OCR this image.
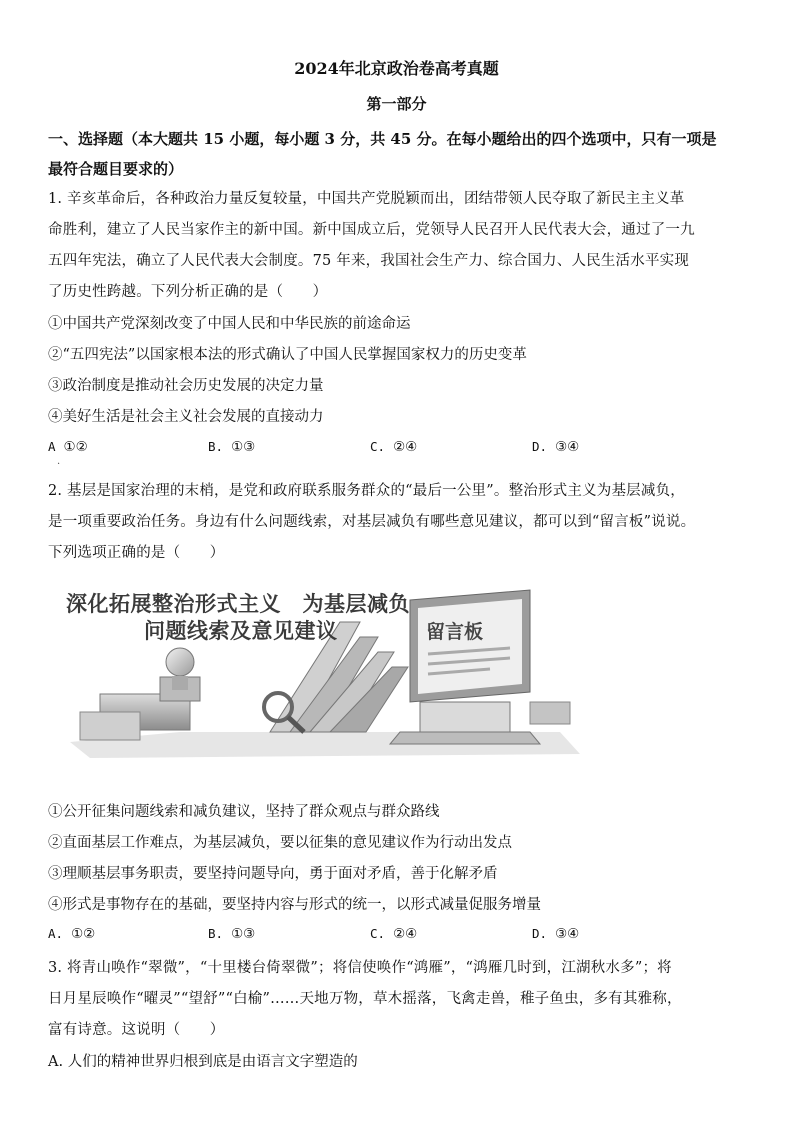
2024年北京政治卷高考真题
第一部分
一、选择题（本大题共 15 小题，每小题 3 分，共 45 分。在每小题给出的四个选项中，只有一项是
最符合题目要求的）
1. 辛亥革命后，各种政治力量反复较量，中国共产党脱颖而出，团结带领人民夺取了新民主主义革
命胜利，建立了人民当家作主的新中国。新中国成立后，党领导人民召开人民代表大会，通过了一九
五四年宪法，确立了人民代表大会制度。75 年来，我国社会生产力、综合国力、人民生活水平实现
了历史性跨越。下列分析正确的是（　　）
①中国共产党深刻改变了中国人民和中华民族的前途命运
②“五四宪法”以国家根本法的形式确认了中国人民掌握国家权力的历史变革
③政治制度是推动社会历史发展的决定力量
④美好生活是社会主义社会发展的直接动力
A ①②	B. ①③	C. ②④	D. ③④
·
2. 基层是国家治理的末梢，是党和政府联系服务群众的“最后一公里”。整治形式主义为基层减负，
是一项重要政治任务。身边有什么问题线索，对基层减负有哪些意见建议，都可以到“留言板”说说。
下列选项正确的是（　　）
深化拓展整治形式主义　为基层减负
问题线索及意见建议	留言板
①公开征集问题线索和减负建议，坚持了群众观点与群众路线
②直面基层工作难点，为基层减负，要以征集的意见建议作为行动出发点
③理顺基层事务职责，要坚持问题导向，勇于面对矛盾，善于化解矛盾
④形式是事物存在的基础，要坚持内容与形式的统一，以形式减量促服务增量
A. ①②	B. ①③	C. ②④	D. ③④
3. 将青山唤作“翠微”，“十里楼台倚翠微”；将信使唤作“鸿雁”，“鸿雁几时到，江湖秋水多”；将
日月星辰唤作“曜灵”“望舒”“白榆”……天地万物，草木摇落，飞禽走兽，稚子鱼虫，多有其雅称，
富有诗意。这说明（　　）
A. 人们的精神世界归根到底是由语言文字塑造的
